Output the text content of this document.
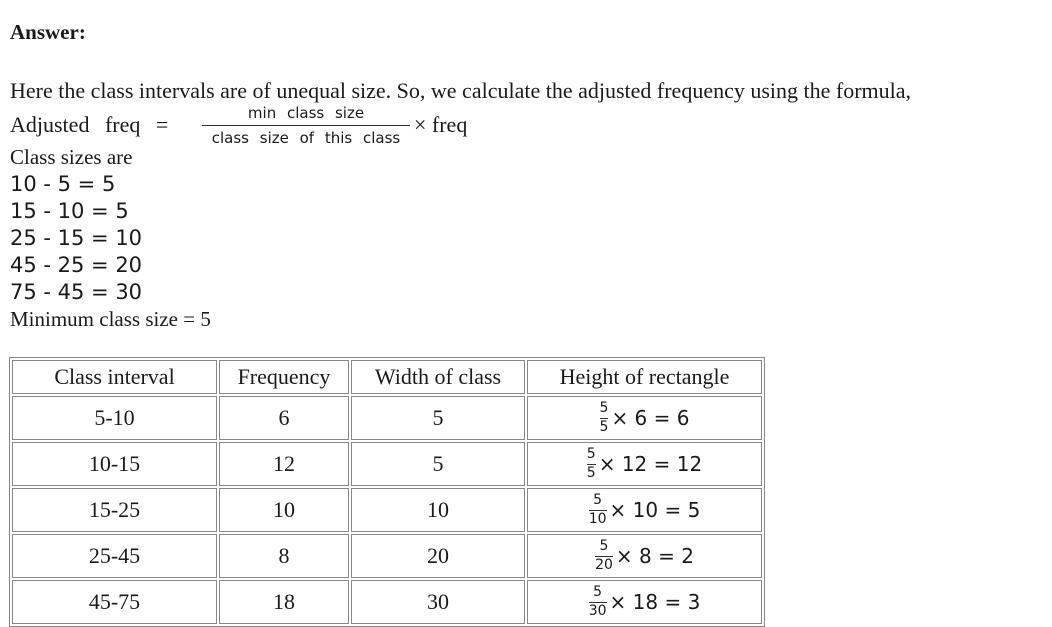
Answer:
Here the class intervals are of unequal size. So, we calculate the adjusted frequency using the formula,
Adjusted freq =	min class size
class size of this class
× freq
Class sizes are
10 - 5 = 5
15 - 10 = 5
25 - 15 = 10
45 - 25 = 20
75 - 45 = 30
Minimum class size = 5
Class interval	Frequency	Width of class	Height of rectangle
5-10	6	5	$\frac{5}{5} \times 6 = 6$
10-15	12	5	$\frac{5}{5} \times 12 = 12$
15-25	10	10	$\frac{5}{10} \times 10 = 5$
25-45	8	20	$\frac{5}{20} \times 8 = 2$
45-75	18	30	$\frac{5}{30} \times 18 = 3$
